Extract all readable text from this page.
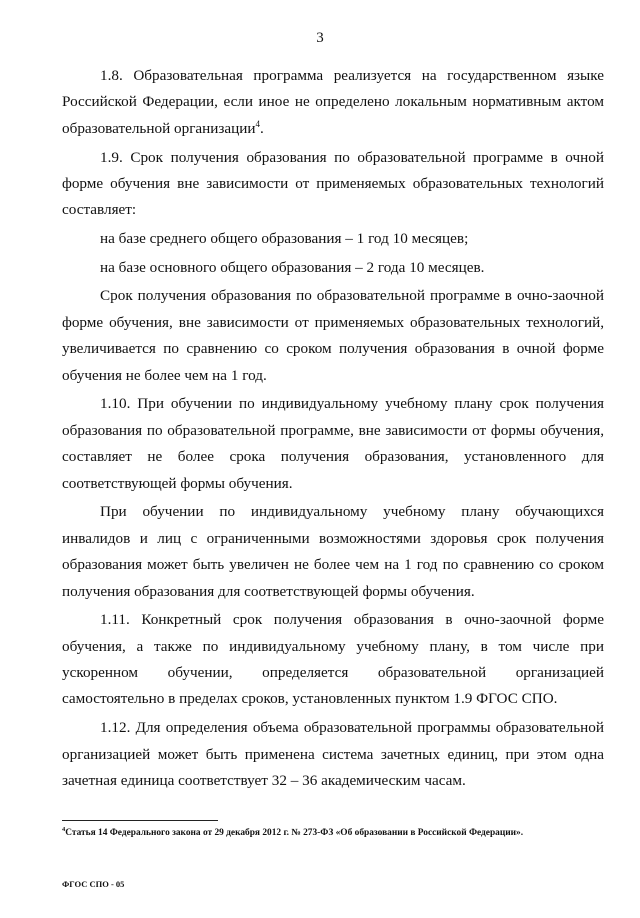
3

1.8. Образовательная программа реализуется на государственном языке Российской Федерации, если иное не определено локальным нормативным актом образовательной организации$^4$.

1.9. Срок получения образования по образовательной программе в очной форме обучения вне зависимости от применяемых образовательных технологий составляет:

на базе среднего общего образования – 1 год 10 месяцев;

на базе основного общего образования – 2 года 10 месяцев.

Срок получения образования по образовательной программе в очно-заочной форме обучения, вне зависимости от применяемых образовательных технологий, увеличивается по сравнению со сроком получения образования в очной форме обучения не более чем на 1 год.

1.10. При обучении по индивидуальному учебному плану срок получения образования по образовательной программе, вне зависимости от формы обучения, составляет не более срока получения образования, установленного для соответствующей формы обучения.

При обучении по индивидуальному учебному плану обучающихся инвалидов и лиц с ограниченными возможностями здоровья срок получения образования может быть увеличен не более чем на 1 год по сравнению со сроком получения образования для соответствующей формы обучения.

1.11. Конкретный срок получения образования в очно-заочной форме обучения, а также по индивидуальному учебному плану, в том числе при ускоренном обучении, определяется образовательной организацией самостоятельно в пределах сроков, установленных пунктом 1.9 ФГОС СПО.

1.12. Для определения объема образовательной программы образовательной организацией может быть применена система зачетных единиц, при этом одна зачетная единица соответствует 32 – 36 академическим часам.

$^4$Статья 14 Федерального закона от 29 декабря 2012 г. № 273-ФЗ «Об образовании в Российской Федерации».
ФГОС СПО - 05
